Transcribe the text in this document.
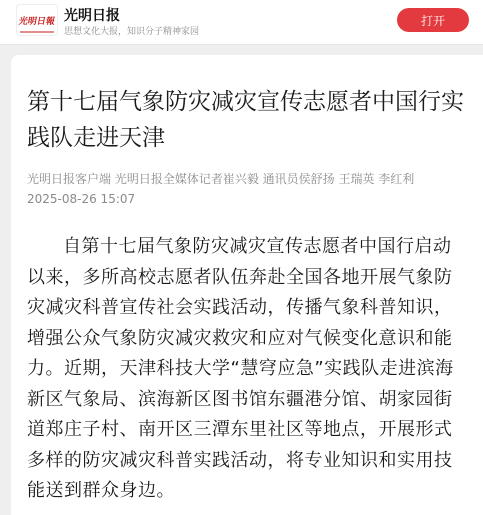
光明日報 光明日报
思想文化大报，知识分子精神家园
打开
第十七届气象防灾减灾宣传志愿者中国行实践队走进天津
光明日报客户端 光明日报全媒体记者崔兴毅 通讯员侯舒扬 王瑞英 李红利
2025-08-26 15:07

自第十七届气象防灾减灾宣传志愿者中国行启动以来，多所高校志愿者队伍奔赴全国各地开展气象防灾减灾科普宣传社会实践活动，传播气象科普知识，增强公众气象防灾减灾救灾和应对气候变化意识和能力。近期，天津科技大学“慧穹应急”实践队走进滨海新区气象局、滨海新区图书馆东疆港分馆、胡家园街道郑庄子村、南开区三潭东里社区等地点，开展形式多样的防灾减灾科普实践活动，将专业知识和实用技能送到群众身边。
